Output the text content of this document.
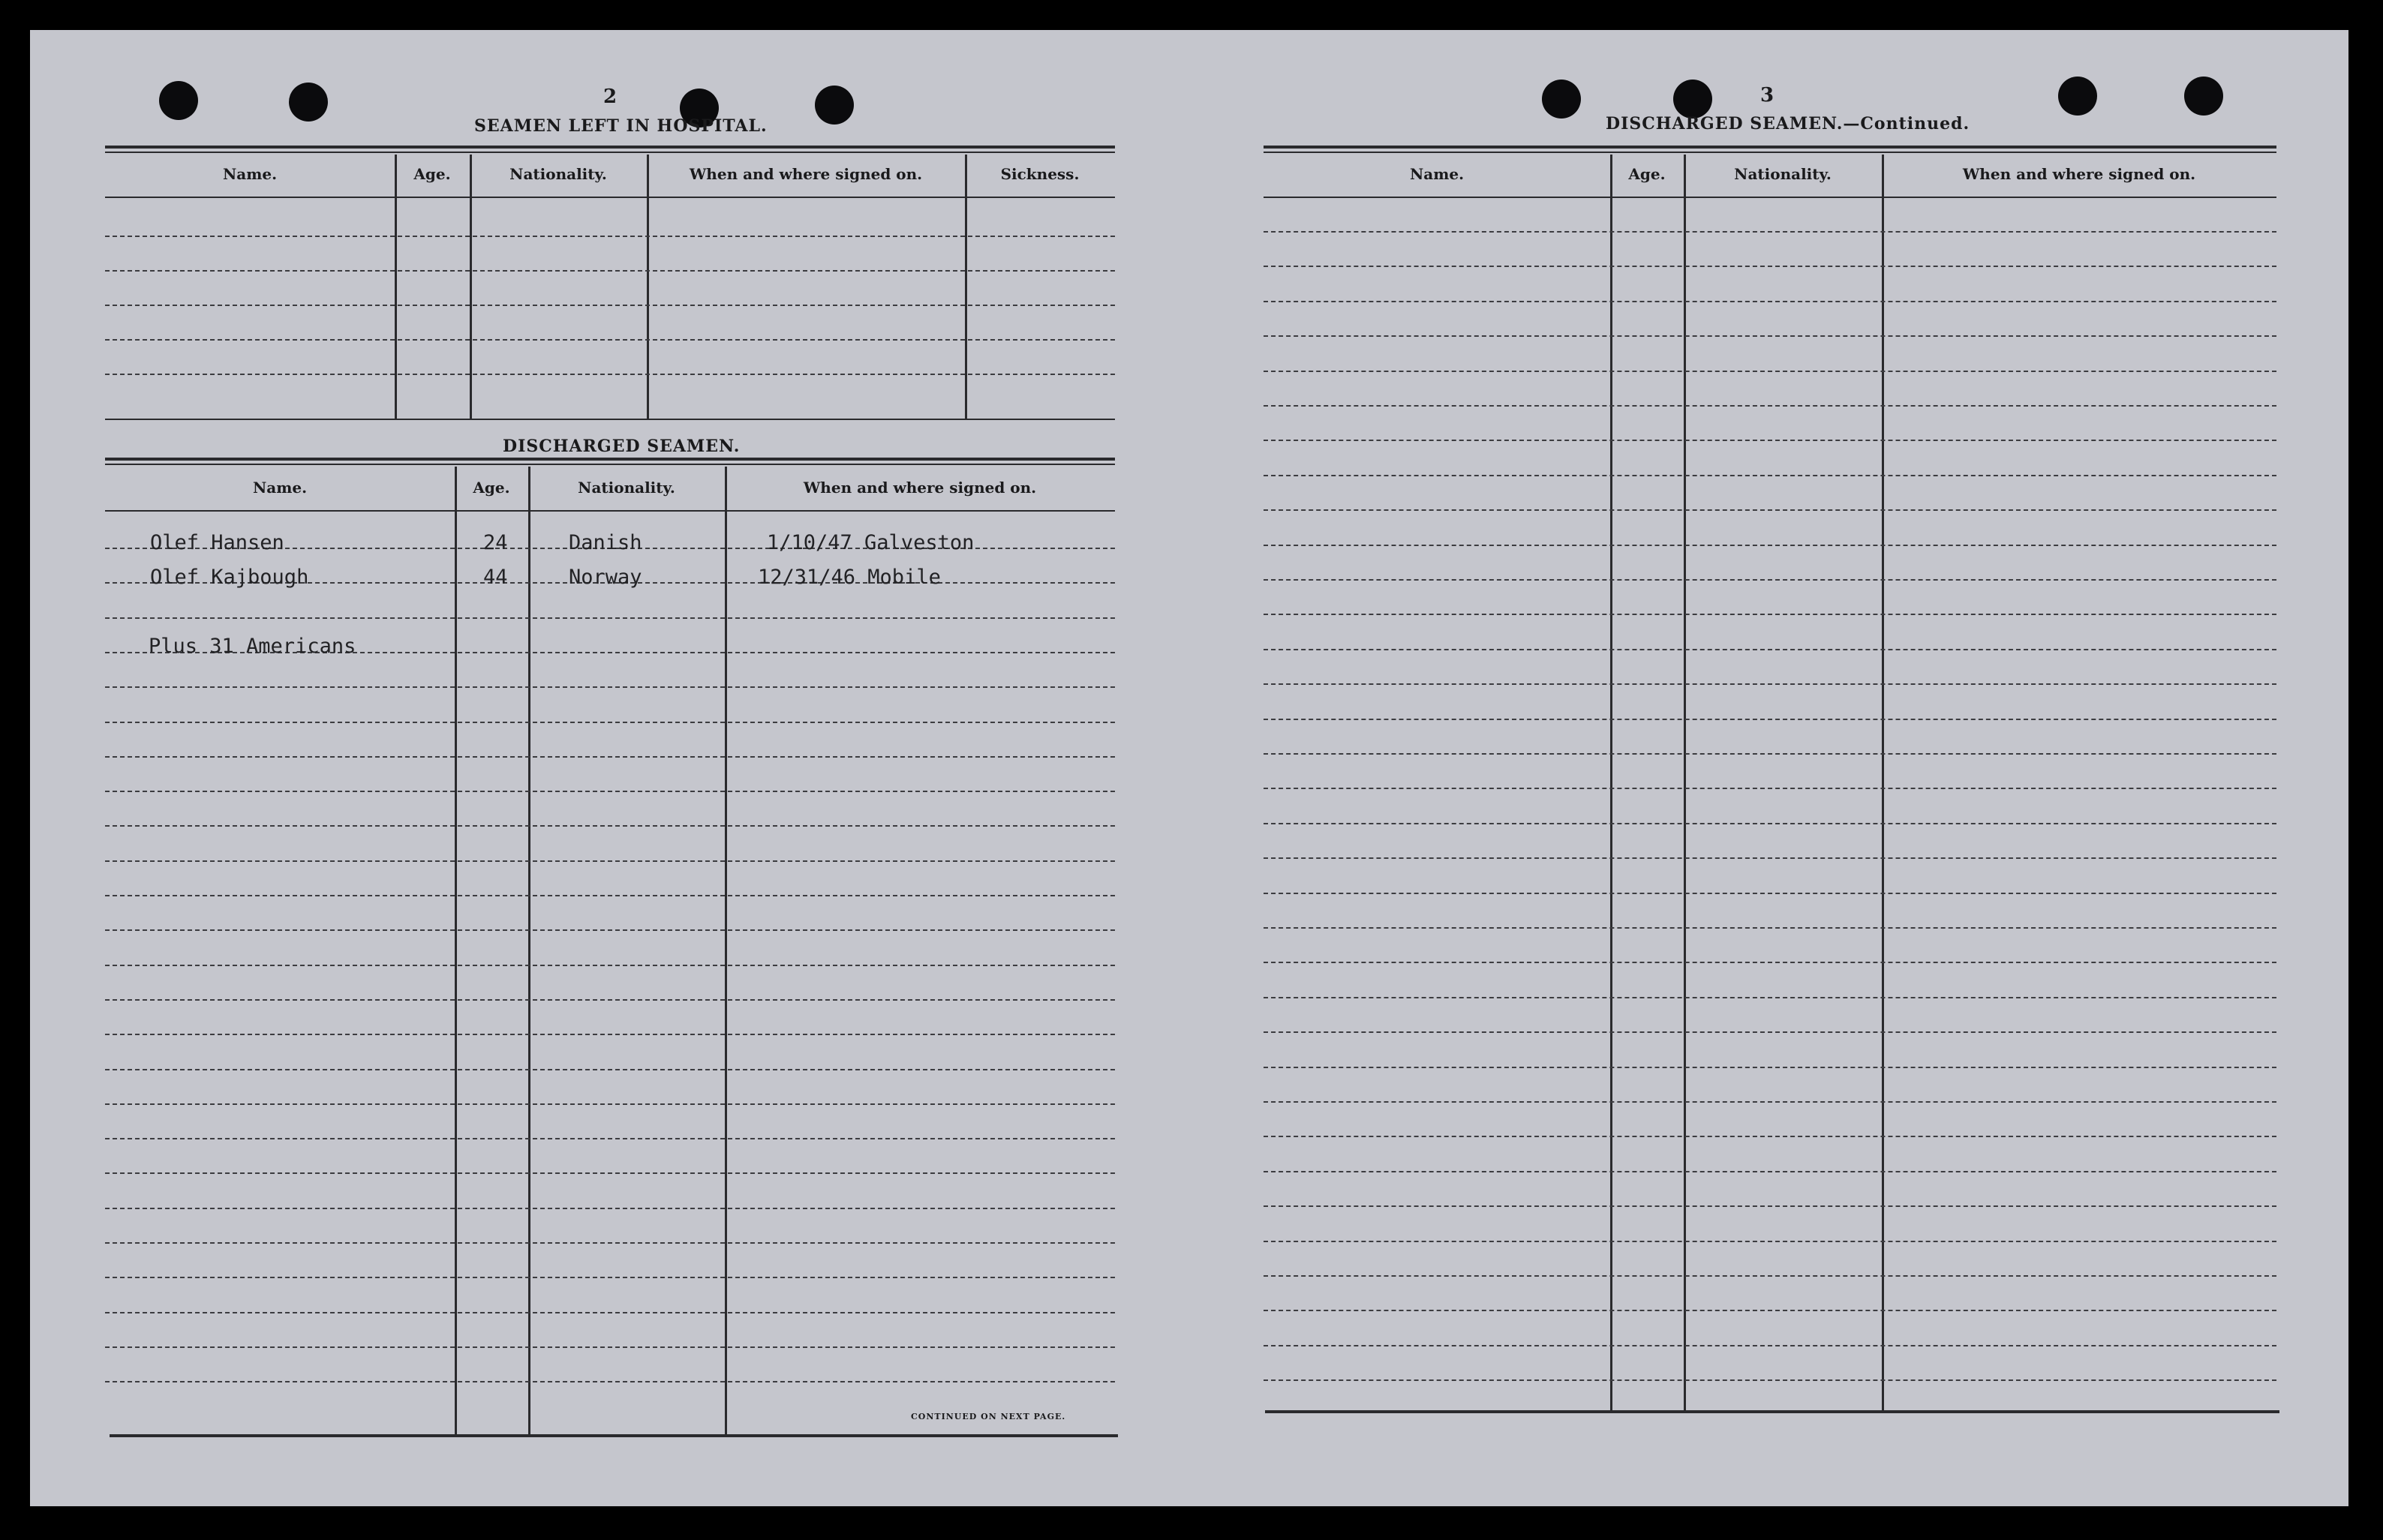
2
SEAMEN LEFT IN HOSPITAL.
Name.	Age.	Nationality.	When and where signed on.	Sickness.
DISCHARGED SEAMEN.
Name.	Age.	Nationality.	When and where signed on.
Olef Hansen	24	Danish	1/10/47 Galveston
Olef Kajbough	44	Norway	12/31/46 Mobile
Plus 31 Americans
CONTINUED ON NEXT PAGE.
3
DISCHARGED SEAMEN.—Continued.
Name.	Age.	Nationality.	When and where signed on.
